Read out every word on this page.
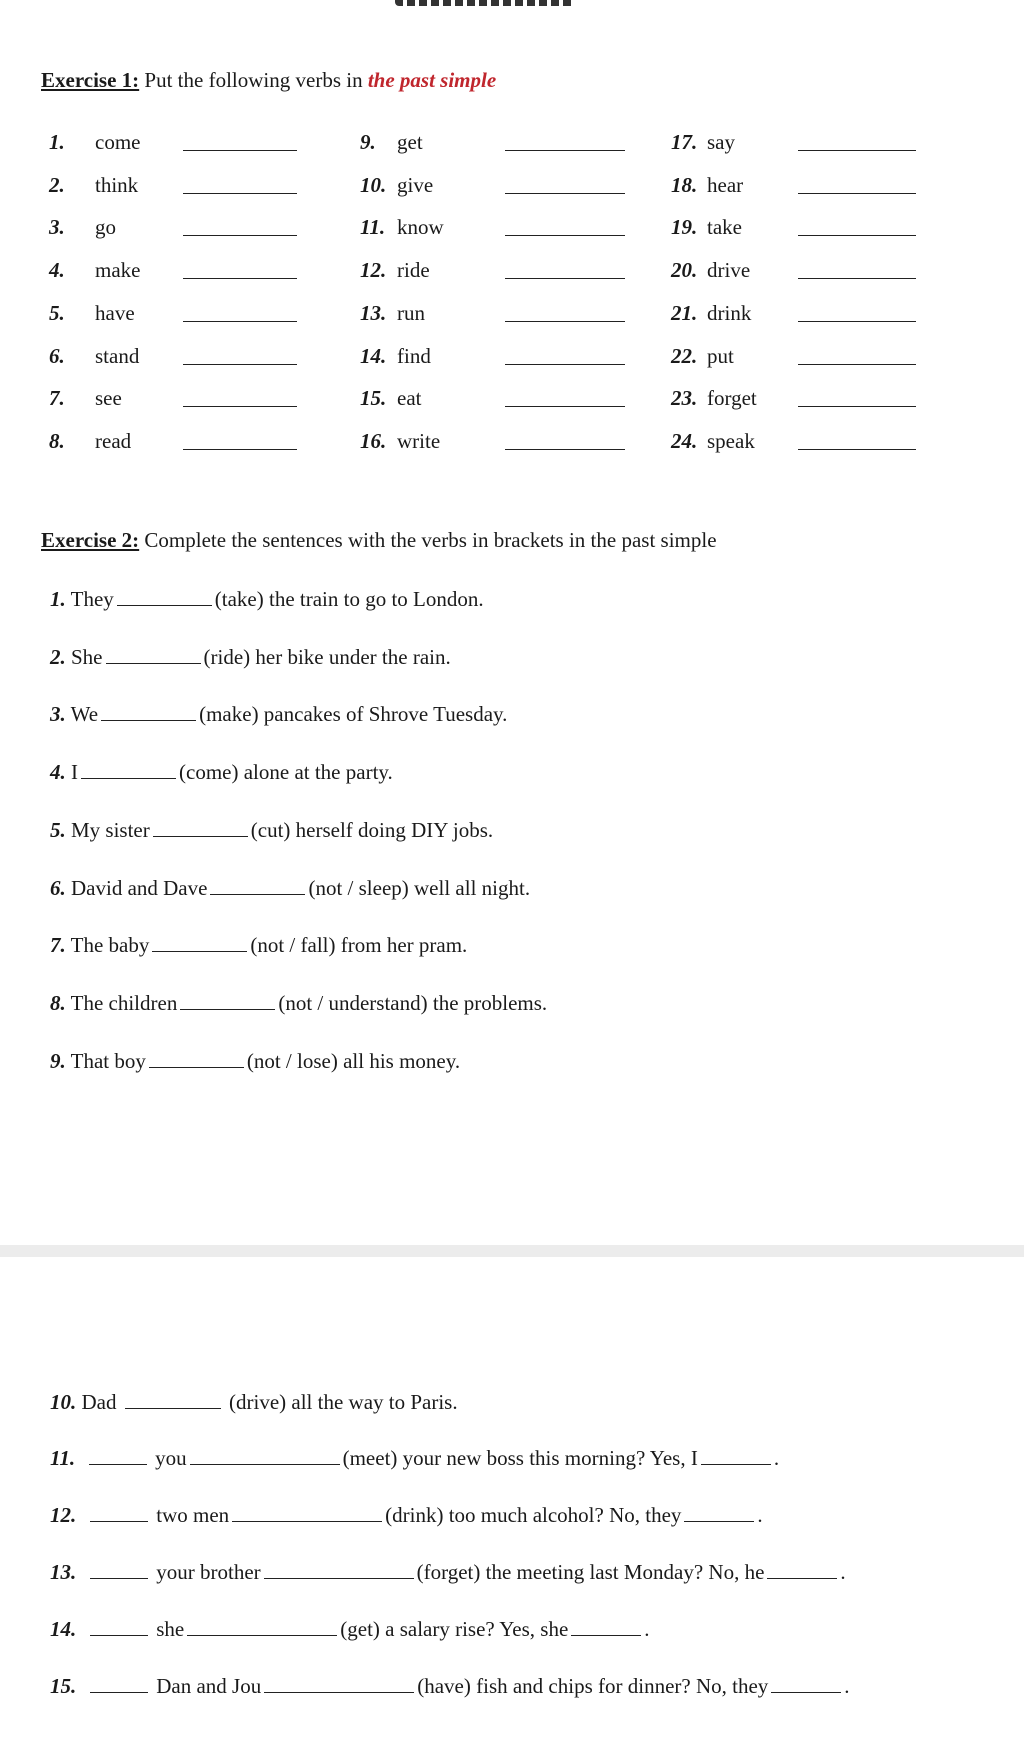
Exercise 1: Put the following verbs in the past simple
1. come
2. think
3. go
4. make
5. have
6. stand
7. see
8. read
9. get
10. give
11. know
12. ride
13. run
14. find
15. eat
16. write
17. say
18. hear
19. take
20. drive
21. drink
22. put
23. forget
24. speak
Exercise 2: Complete the sentences with the verbs in brackets in the past simple
1. They	(take) the train to go to London.
2. She	(ride) her bike under the rain.
3. We	(make) pancakes of Shrove Tuesday.
4. I	(come) alone at the party.
5. My sister	(cut) herself doing DIY jobs.
6. David and Dave	(not / sleep) well all night.
7. The baby	(not / fall) from her pram.
8. The children	(not / understand) the problems.
9. That boy	(not / lose) all his money.
10. Dad	(drive) all the way to Paris.
11.	you	(meet) your new boss this morning? Yes, I	.
12.	two men	(drink) too much alcohol? No, they	.
13.	your brother	(forget) the meeting last Monday? No, he	.
14.	she	(get) a salary rise? Yes, she	.
15.	Dan and Jou	(have) fish and chips for dinner? No, they	.
